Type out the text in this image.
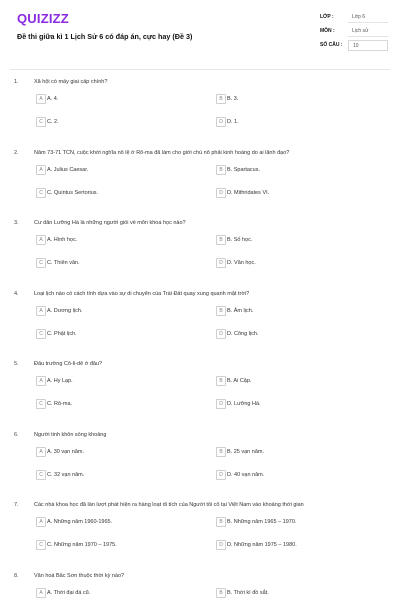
QUIZIZZ
Đề thi giữa kì 1 Lịch Sử 6 có đáp án, cực hay (Đề 3)
LỚP :	Lớp 6
MÔN :	Lịch sử
SỐ CÂU :	10
1.	Xã hội có mấy giai cấp chính?
A A. 4.	B B. 3.
C C. 2.	D D. 1.
2.	Năm 73-71 TCN, cuộc khởi nghĩa nô lệ ở Rô-ma đã làm cho giới chủ nô phải kinh hoàng do ai lãnh đạo?
A A. Julius Caesar.	B B. Spartacus.
C C. Quintus Sertorius.	D D. Mithridates VI.
3.	Cư dân Lưỡng Hà là những người giỏi về môn khoa học nào?
A A. Hình học.	B B. Số học.
C C. Thiên văn.	D D. Văn học.
4.	Loại lịch nào có cách tính dựa vào sự di chuyển của Trái Đất quay xung quanh mặt trời?
A A. Dương lịch.	B B. Âm lịch.
C C. Phật lịch.	D D. Công lịch.
5.	Đấu trường Cô-li-dê ở đâu?
A A. Hy Lạp.	B B. Ai Cập.
C C. Rô-ma.	D D. Lưỡng Hà.
6.	Người tinh khôn sống khoảng
A A. 30 vạn năm.	B B. 25 vạn năm.
C C. 32 vạn năm.	D D. 40 vạn năm.
7.	Các nhà khoa học đã lần lượt phát hiện ra hàng loạt di tích của Người tối cổ tại Việt Nam vào khoảng thời gian
A A. Những năm 1960-1965.	B B. Những năm 1965 – 1970.
C C. Những năm 1970 – 1975.	D D. Những năm 1975 – 1980.
8.	Văn hoá Bắc Sơn thuộc thời kỳ nào?
A A. Thời đại đá cũ.	B B. Thời kì đồ sắt.
